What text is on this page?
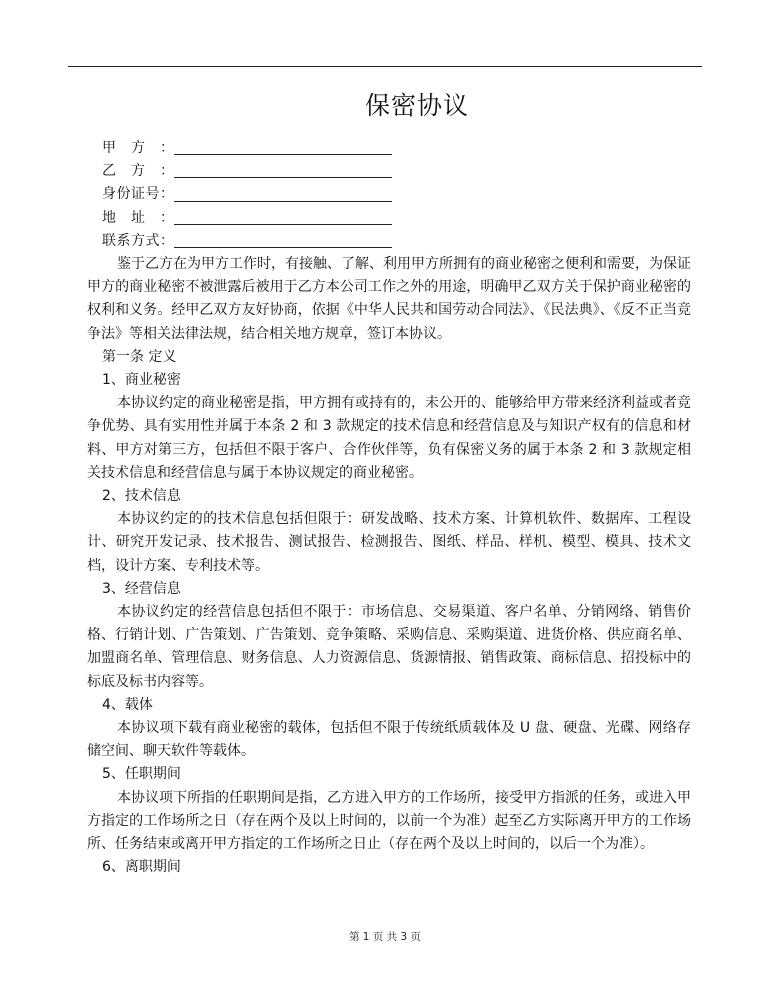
保密协议
甲方：
乙方：
身份证号：
地址：
联系方式：

鉴于乙方在为甲方工作时，有接触、了解、利用甲方所拥有的商业秘密之便利和需要，为保证甲方的商业秘密不被泄露后被用于乙方本公司工作之外的用途，明确甲乙双方关于保护商业秘密的权利和义务。经甲乙双方友好协商，依据《中华人民共和国劳动合同法》、《民法典》、《反不正当竞争法》等相关法律法规，结合相关地方规章，签订本协议。

第一条 定义

1、商业秘密

本协议约定的商业秘密是指，甲方拥有或持有的，未公开的、能够给甲方带来经济利益或者竞争优势、具有实用性并属于本条 2 和 3 款规定的技术信息和经营信息及与知识产权有的信息和材料、甲方对第三方，包括但不限于客户、合作伙伴等，负有保密义务的属于本条 2 和 3 款规定相关技术信息和经营信息与属于本协议规定的商业秘密。

2、技术信息

本协议约定的的技术信息包括但限于：研发战略、技术方案、计算机软件、数据库、工程设计、研究开发记录、技术报告、测试报告、检测报告、图纸、样品、样机、模型、模具、技术文档，设计方案、专利技术等。

3、经营信息

本协议约定的经营信息包括但不限于：市场信息、交易渠道、客户名单、分销网络、销售价格、行销计划、广告策划、广告策划、竞争策略、采购信息、采购渠道、进货价格、供应商名单、加盟商名单、管理信息、财务信息、人力资源信息、货源情报、销售政策、商标信息、招投标中的标底及标书内容等。

4、载体

本协议项下载有商业秘密的载体，包括但不限于传统纸质载体及 U 盘、硬盘、光碟、网络存储空间、聊天软件等载体。

5、任职期间

本协议项下所指的任职期间是指，乙方进入甲方的工作场所，接受甲方指派的任务，或进入甲方指定的工作场所之日（存在两个及以上时间的，以前一个为准）起至乙方实际离开甲方的工作场所、任务结束或离开甲方指定的工作场所之日止（存在两个及以上时间的，以后一个为准）。

6、离职期间

第 1 页 共 3 页
